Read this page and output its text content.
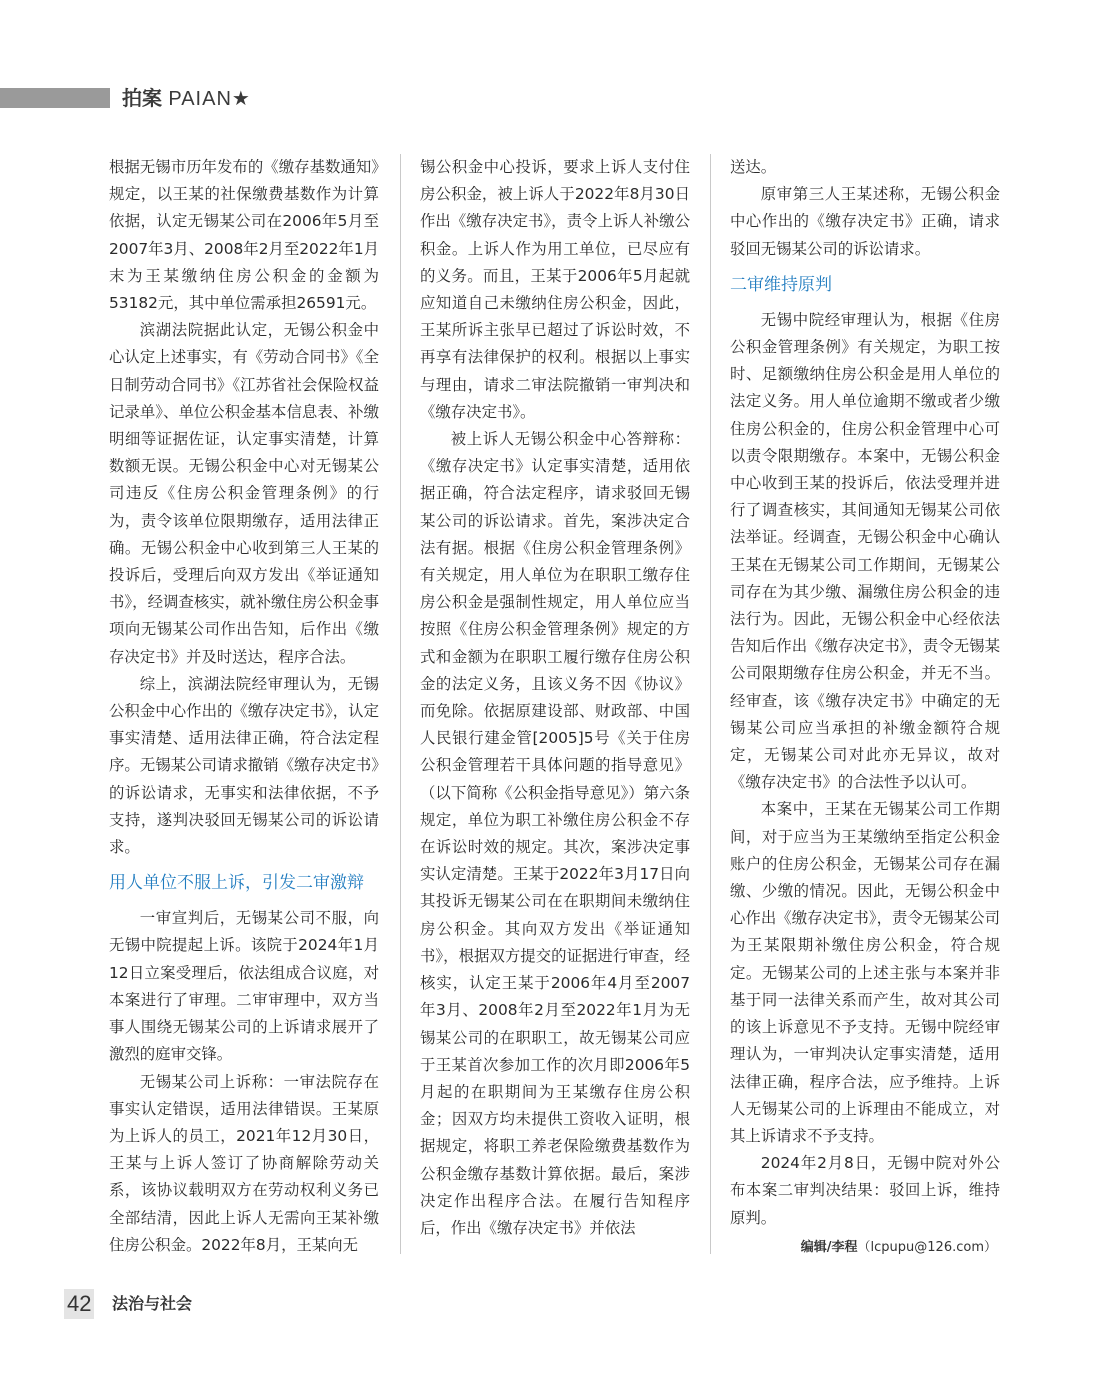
拍案 PAIAN★

根据无锡市历年发布的《缴存基数通知》规定，以王某的社保缴费基数作为计算依据，认定无锡某公司在2006年5月至2007年3月、2008年2月至2022年1月末为王某缴纳住房公积金的金额为53182元，其中单位需承担26591元。

滨湖法院据此认定，无锡公积金中心认定上述事实，有《劳动合同书》《全日制劳动合同书》《江苏省社会保险权益记录单》、单位公积金基本信息表、补缴明细等证据佐证，认定事实清楚，计算数额无误。无锡公积金中心对无锡某公司违反《住房公积金管理条例》的行为，责令该单位限期缴存，适用法律正确。无锡公积金中心收到第三人王某的投诉后，受理后向双方发出《举证通知书》，经调查核实，就补缴住房公积金事项向无锡某公司作出告知，后作出《缴存决定书》并及时送达，程序合法。

综上，滨湖法院经审理认为，无锡公积金中心作出的《缴存决定书》，认定事实清楚、适用法律正确，符合法定程序。无锡某公司请求撤销《缴存决定书》的诉讼请求，无事实和法律依据，不予支持，遂判决驳回无锡某公司的诉讼请求。

用人单位不服上诉，引发二审激辩

一审宣判后，无锡某公司不服，向无锡中院提起上诉。该院于2024年1月12日立案受理后，依法组成合议庭，对本案进行了审理。二审审理中，双方当事人围绕无锡某公司的上诉请求展开了激烈的庭审交锋。

无锡某公司上诉称：一审法院存在事实认定错误，适用法律错误。王某原为上诉人的员工，2021年12月30日，王某与上诉人签订了协商解除劳动关系，该协议载明双方在劳动权利义务已全部结清，因此上诉人无需向王某补缴住房公积金。2022年8月，王某向无

锡公积金中心投诉，要求上诉人支付住房公积金，被上诉人于2022年8月30日作出《缴存决定书》，责令上诉人补缴公积金。上诉人作为用工单位，已尽应有的义务。而且，王某于2006年5月起就应知道自己未缴纳住房公积金，因此，王某所诉主张早已超过了诉讼时效，不再享有法律保护的权利。根据以上事实与理由，请求二审法院撤销一审判决和《缴存决定书》。

被上诉人无锡公积金中心答辩称：《缴存决定书》认定事实清楚，适用依据正确，符合法定程序，请求驳回无锡某公司的诉讼请求。首先，案涉决定合法有据。根据《住房公积金管理条例》有关规定，用人单位为在职职工缴存住房公积金是强制性规定，用人单位应当按照《住房公积金管理条例》规定的方式和金额为在职职工履行缴存住房公积金的法定义务，且该义务不因《协议》而免除。依据原建设部、财政部、中国人民银行建金管[2005]5号《关于住房公积金管理若干具体问题的指导意见》（以下简称《公积金指导意见》）第六条规定，单位为职工补缴住房公积金不存在诉讼时效的规定。其次，案涉决定事实认定清楚。王某于2022年3月17日向其投诉无锡某公司在在职期间未缴纳住房公积金。其向双方发出《举证通知书》，根据双方提交的证据进行审查，经核实，认定王某于2006年4月至2007年3月、2008年2月至2022年1月为无锡某公司的在职职工，故无锡某公司应于王某首次参加工作的次月即2006年5月起的在职期间为王某缴存住房公积金；因双方均未提供工资收入证明，根据规定，将职工养老保险缴费基数作为公积金缴存基数计算依据。最后，案涉决定作出程序合法。在履行告知程序后，作出《缴存决定书》并依法

送达。

原审第三人王某述称，无锡公积金中心作出的《缴存决定书》正确，请求驳回无锡某公司的诉讼请求。

二审维持原判

无锡中院经审理认为，根据《住房公积金管理条例》有关规定，为职工按时、足额缴纳住房公积金是用人单位的法定义务。用人单位逾期不缴或者少缴住房公积金的，住房公积金管理中心可以责令限期缴存。本案中，无锡公积金中心收到王某的投诉后，依法受理并进行了调查核实，其间通知无锡某公司依法举证。经调查，无锡公积金中心确认王某在无锡某公司工作期间，无锡某公司存在为其少缴、漏缴住房公积金的违法行为。因此，无锡公积金中心经依法告知后作出《缴存决定书》，责令无锡某公司限期缴存住房公积金，并无不当。经审查，该《缴存决定书》中确定的无锡某公司应当承担的补缴金额符合规定，无锡某公司对此亦无异议，故对《缴存决定书》的合法性予以认可。

本案中，王某在无锡某公司工作期间，对于应当为王某缴纳至指定公积金账户的住房公积金，无锡某公司存在漏缴、少缴的情况。因此，无锡公积金中心作出《缴存决定书》，责令无锡某公司为王某限期补缴住房公积金，符合规定。无锡某公司的上述主张与本案并非基于同一法律关系而产生，故对其公司的该上诉意见不予支持。无锡中院经审理认为，一审判决认定事实清楚，适用法律正确，程序合法，应予维持。上诉人无锡某公司的上诉理由不能成立，对其上诉请求不予支持。

2024年2月8日，无锡中院对外公布本案二审判决结果：驳回上诉，维持原判。

编辑/李程（lcpupu@126.com）
42 法治与社会
